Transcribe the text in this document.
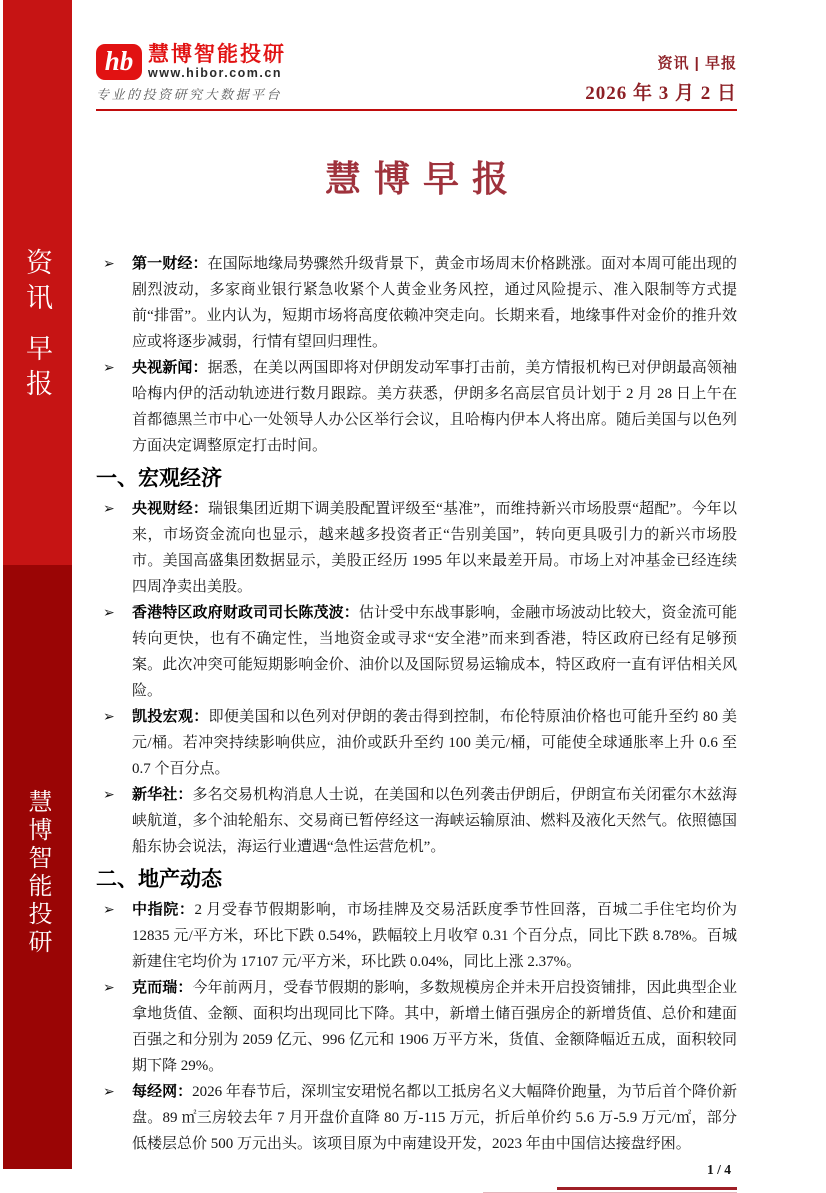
资讯早报
慧博智能投研
hb 慧博智能投研
www.hibor.com.cn
专业的投资研究大数据平台
资讯 | 早报
2026 年 3 月 2 日
慧博早报
➢	第一财经：在国际地缘局势骤然升级背景下，黄金市场周末价格跳涨。面对本周可能出现的剧烈波动，多家商业银行紧急收紧个人黄金业务风控，通过风险提示、准入限制等方式提前“排雷”。业内认为，短期市场将高度依赖冲突走向。长期来看，地缘事件对金价的推升效应或将逐步减弱，行情有望回归理性。

➢	央视新闻：据悉，在美以两国即将对伊朗发动军事打击前，美方情报机构已对伊朗最高领袖哈梅内伊的活动轨迹进行数月跟踪。美方获悉，伊朗多名高层官员计划于 2 月 28 日上午在首都德黑兰市中心一处领导人办公区举行会议，且哈梅内伊本人将出席。随后美国与以色列方面决定调整原定打击时间。

一、宏观经济
➢	央视财经：瑞银集团近期下调美股配置评级至“基准”，而维持新兴市场股票“超配”。今年以来，市场资金流向也显示，越来越多投资者正“告别美国”，转向更具吸引力的新兴市场股市。美国高盛集团数据显示，美股正经历 1995 年以来最差开局。市场上对冲基金已经连续四周净卖出美股。

➢	香港特区政府财政司司长陈茂波：估计受中东战事影响，金融市场波动比较大，资金流可能转向更快，也有不确定性，当地资金或寻求“安全港”而来到香港，特区政府已经有足够预案。此次冲突可能短期影响金价、油价以及国际贸易运输成本，特区政府一直有评估相关风险。

➢	凯投宏观：即便美国和以色列对伊朗的袭击得到控制，布伦特原油价格也可能升至约 80 美元/桶。若冲突持续影响供应，油价或跃升至约 100 美元/桶，可能使全球通胀率上升 0.6 至 0.7 个百分点。

➢	新华社：多名交易机构消息人士说，在美国和以色列袭击伊朗后，伊朗宣布关闭霍尔木兹海峡航道，多个油轮船东、交易商已暂停经这一海峡运输原油、燃料及液化天然气。依照德国船东协会说法，海运行业遭遇“急性运营危机”。

二、地产动态
➢	中指院：2 月受春节假期影响，市场挂牌及交易活跃度季节性回落，百城二手住宅均价为 12835 元/平方米，环比下跌 0.54%，跌幅较上月收窄 0.31 个百分点，同比下跌 8.78%。百城新建住宅均价为 17107 元/平方米，环比跌 0.04%，同比上涨 2.37%。

➢	克而瑞：今年前两月，受春节假期的影响，多数规模房企并未开启投资铺排，因此典型企业拿地货值、金额、面积均出现同比下降。其中，新增土储百强房企的新增货值、总价和建面百强之和分别为 2059 亿元、996 亿元和 1906 万平方米，货值、金额降幅近五成，面积较同期下降 29%。

➢	每经网：2026 年春节后，深圳宝安珺悦名都以工抵房名义大幅降价跑量，为节后首个降价新盘。89 ㎡三房较去年 7 月开盘价直降 80 万-115 万元，折后单价约 5.6 万-5.9 万元/㎡，部分低楼层总价 500 万元出头。该项目原为中南建设开发，2023 年由中国信达接盘纾困。

1 / 4
